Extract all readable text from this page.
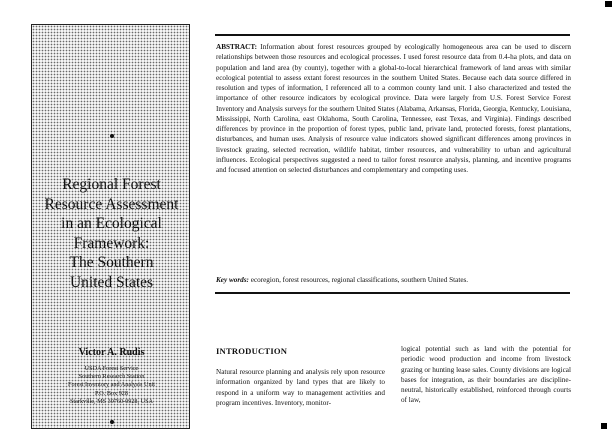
Regional Forest
Resource Assessment
in an Ecological
Framework:
The Southern
United States
Victor A. Rudis
USDA Forest Service
Southern Research Station
Forest Inventory and Analysis Unit
P.O. Box 928
Starkville, MS 39760-0928, USA

ABSTRACT: Information about forest resources grouped by ecologically homogeneous area can be used to discern relationships between those resources and ecological processes. I used forest resource data from 0.4-ha plots, and data on population and land area (by county), together with a global-to-local hierarchical framework of land areas with similar ecological potential to assess extant forest resources in the southern United States. Because each data source differed in resolution and types of information, I referenced all to a common county land unit. I also characterized and tested the importance of other resource indicators by ecological province. Data were largely from U.S. Forest Service Forest Inventory and Analysis surveys for the southern United States (Alabama, Arkansas, Florida, Georgia, Kentucky, Louisiana, Mississippi, North Carolina, east Oklahoma, South Carolina, Tennessee, east Texas, and Virginia). Findings described differences by province in the proportion of forest types, public land, private land, protected forests, forest plantations, disturbances, and human uses. Analysis of resource value indicators showed significant differences among provinces in livestock grazing, selected recreation, wildlife habitat, timber resources, and vulnerability to urban and agricultural influences. Ecological perspectives suggested a need to tailor forest resource analysis, planning, and incentive programs and focused attention on selected disturbances and complementary and competing uses.

Key words: ecoregion, forest resources, regional classifications, southern United States.

INTRODUCTION

Natural resource planning and analysis rely upon resource information organized by land types that are likely to respond in a uniform way to management activities and program incentives. Inventory, monitor-

logical potential such as land with the potential for periodic wood production and income from livestock grazing or hunting lease sales. County divisions are logical bases for integration, as their boundaries are discipline-neutral, historically established, reinforced through courts of law,
